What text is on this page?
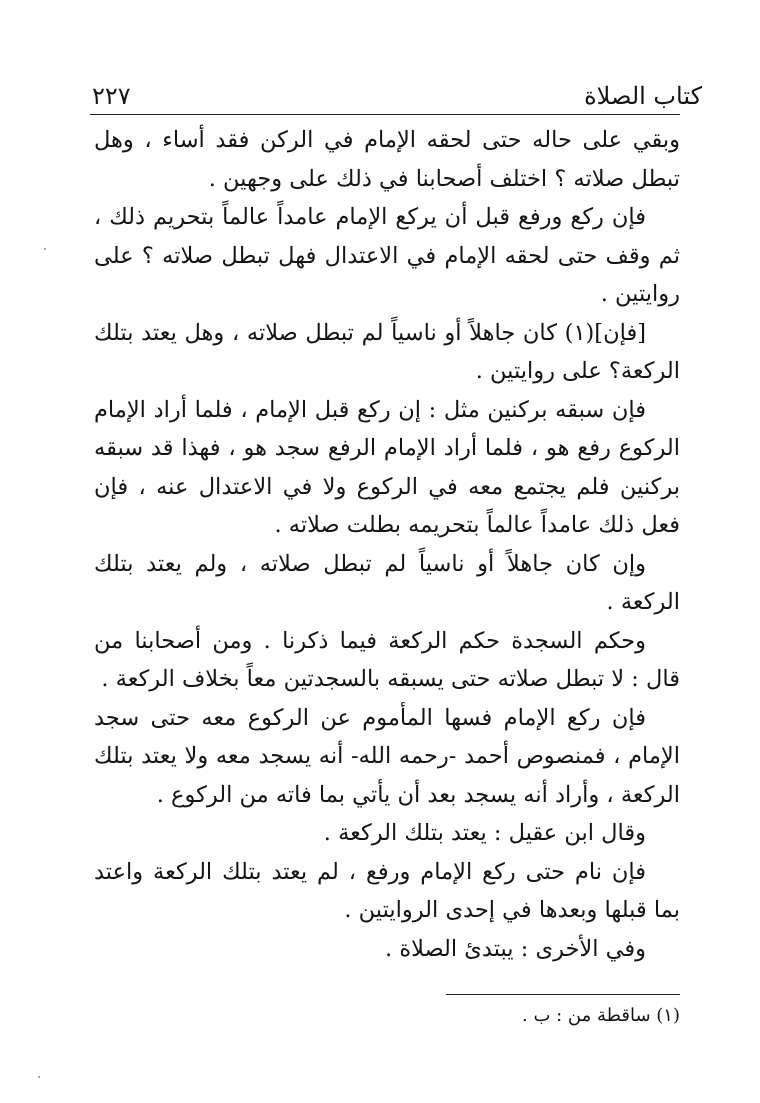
كتاب الصلاة
٢٢٧

وبقي على حاله حتى لحقه الإمام في الركن فقد أساء ، وهل تبطل صلاته ؟ اختلف أصحابنا في ذلك على وجهين .

فإن ركع ورفع قبل أن يركع الإمام عامداً عالماً بتحريم ذلك ، ثم وقف حتى لحقه الإمام في الاعتدال فهل تبطل صلاته ؟ على روايتين .

[فإن](١) كان جاهلاً أو ناسياً لم تبطل صلاته ، وهل يعتد بتلك الركعة؟ على روايتين .

فإن سبقه بركنين مثل : إن ركع قبل الإمام ، فلما أراد الإمام الركوع رفع هو ، فلما أراد الإمام الرفع سجد هو ، فهذا قد سبقه بركنين فلم يجتمع معه في الركوع ولا في الاعتدال عنه ، فإن فعل ذلك عامداً عالماً بتحريمه بطلت صلاته .

وإن كان جاهلاً أو ناسياً لم تبطل صلاته ، ولم يعتد بتلك الركعة .

وحكم السجدة حكم الركعة فيما ذكرنا . ومن أصحابنا من قال : لا تبطل صلاته حتى يسبقه بالسجدتين معاً بخلاف الركعة .

فإن ركع الإمام فسها المأموم عن الركوع معه حتى سجد الإمام ، فمنصوص أحمد -رحمه الله- أنه يسجد معه ولا يعتد بتلك الركعة ، وأراد أنه يسجد بعد أن يأتي بما فاته من الركوع .

وقال ابن عقيل : يعتد بتلك الركعة .

فإن نام حتى ركع الإمام ورفع ، لم يعتد بتلك الركعة واعتد بما قبلها وبعدها في إحدى الروايتين .

وفي الأخرى : يبتدئ الصلاة .

(١) ساقطة من : ب .
